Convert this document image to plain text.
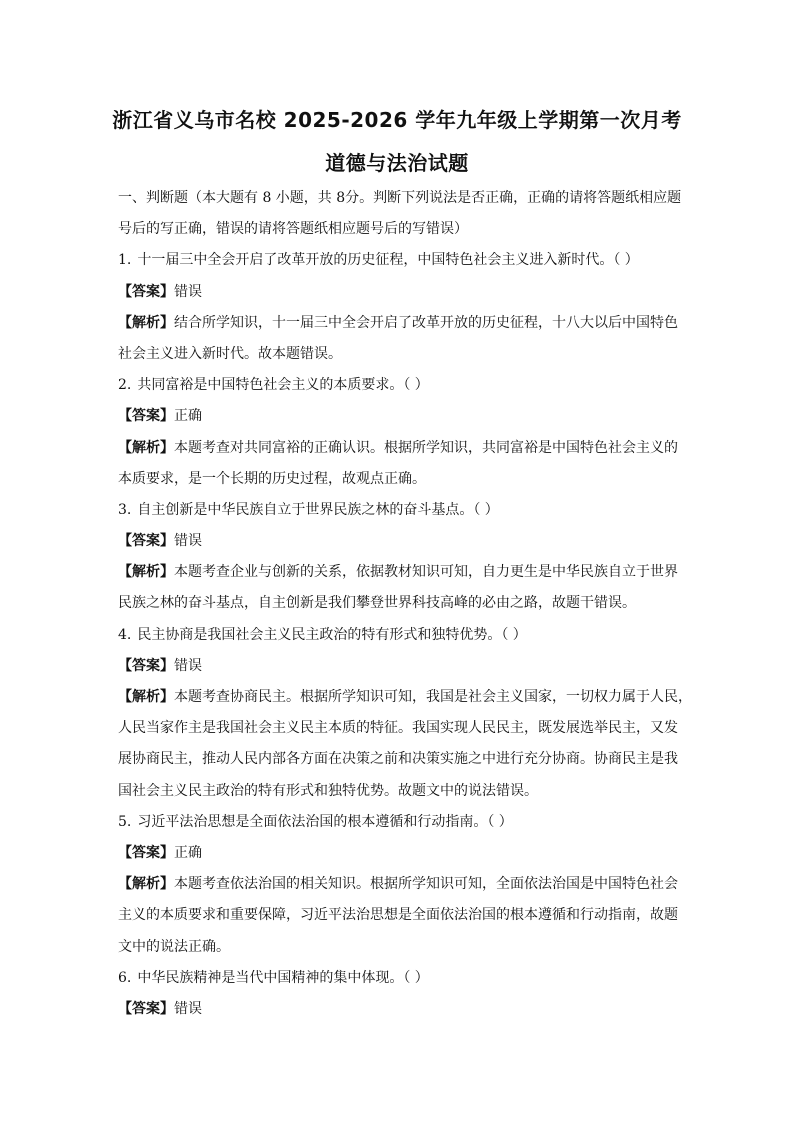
浙江省义乌市名校 2025-2026 学年九年级上学期第一次月考
道德与法治试题
一、判断题（本大题有 8 小题，共 8分。判断下列说法是否正确，正确的请将答题纸相应题
号后的写正确，错误的请将答题纸相应题号后的写错误）
1. 十一届三中全会开启了改革开放的历史征程，中国特色社会主义进入新时代。（ ）
【答案】错误
【解析】结合所学知识，十一届三中全会开启了改革开放的历史征程，十八大以后中国特色
社会主义进入新时代。故本题错误。
2. 共同富裕是中国特色社会主义的本质要求。（ ）
【答案】正确
【解析】本题考查对共同富裕的正确认识。根据所学知识，共同富裕是中国特色社会主义的
本质要求，是一个长期的历史过程，故观点正确。
3. 自主创新是中华民族自立于世界民族之林的奋斗基点。（ ）
【答案】错误
【解析】本题考查企业与创新的关系，依据教材知识可知，自力更生是中华民族自立于世界
民族之林的奋斗基点，自主创新是我们攀登世界科技高峰的必由之路，故题干错误。
4. 民主协商是我国社会主义民主政治的特有形式和独特优势。（ ）
【答案】错误
【解析】本题考查协商民主。根据所学知识可知，我国是社会主义国家，一切权力属于人民，
人民当家作主是我国社会主义民主本质的特征。我国实现人民民主，既发展选举民主，又发
展协商民主，推动人民内部各方面在决策之前和决策实施之中进行充分协商。协商民主是我
国社会主义民主政治的特有形式和独特优势。故题文中的说法错误。
5. 习近平法治思想是全面依法治国的根本遵循和行动指南。（ ）
【答案】正确
【解析】本题考查依法治国的相关知识。根据所学知识可知，全面依法治国是中国特色社会
主义的本质要求和重要保障，习近平法治思想是全面依法治国的根本遵循和行动指南，故题
文中的说法正确。
6. 中华民族精神是当代中国精神的集中体现。（ ）
【答案】错误
